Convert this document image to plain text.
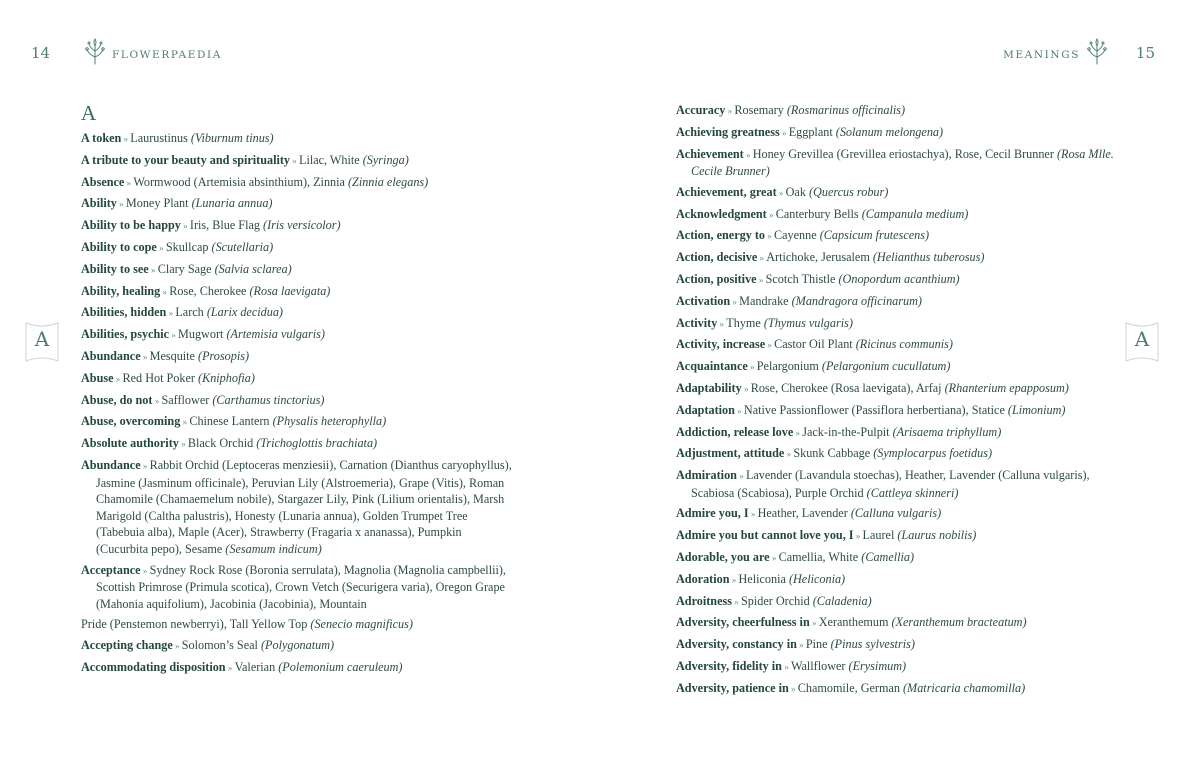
14	FLOWERPAEDIA
A
A
A token » Laurustinus (Viburnum tinus)
A tribute to your beauty and spirituality » Lilac, White (Syringa)
Absence » Wormwood (Artemisia absinthium), Zinnia (Zinnia elegans)
Ability » Money Plant (Lunaria annua)
Ability to be happy » Iris, Blue Flag (Iris versicolor)
Ability to cope » Skullcap (Scutellaria)
Ability to see » Clary Sage (Salvia sclarea)
Ability, healing » Rose, Cherokee (Rosa laevigata)
Abilities, hidden » Larch (Larix decidua)
Abilities, psychic » Mugwort (Artemisia vulgaris)
Abundance » Mesquite (Prosopis)
Abuse » Red Hot Poker (Kniphofia)
Abuse, do not » Safflower (Carthamus tinctorius)
Abuse, overcoming » Chinese Lantern (Physalis heterophylla)
Absolute authority » Black Orchid (Trichoglottis brachiata)
Abundance » Rabbit Orchid (Leptoceras menziesii), Carnation (Dianthus caryophyllus), Jasmine (Jasminum officinale), Peruvian Lily (Alstroemeria), Grape (Vitis), Roman Chamomile (Chamaemelum nobile), Stargazer Lily, Pink (Lilium orientalis), Marsh Marigold (Caltha palustris), Honesty (Lunaria annua), Golden Trumpet Tree (Tabebuia alba), Maple (Acer), Strawberry (Fragaria x ananassa), Pumpkin (Cucurbita pepo), Sesame (Sesamum indicum)
Acceptance » Sydney Rock Rose (Boronia serrulata), Magnolia (Magnolia campbellii), Scottish Primrose (Primula scotica), Crown Vetch (Securigera varia), Oregon Grape (Mahonia aquifolium), Jacobinia (Jacobinia), Mountain
Pride (Penstemon newberryi), Tall Yellow Top (Senecio magnificus)
Accepting change » Solomon’s Seal (Polygonatum)
Accommodating disposition » Valerian (Polemonium caeruleum)
MEANINGS	15
A
Accuracy » Rosemary (Rosmarinus officinalis)
Achieving greatness » Eggplant (Solanum melongena)
Achievement » Honey Grevillea (Grevillea eriostachya), Rose, Cecil Brunner (Rosa Mlle. Cecile Brunner)
Achievement, great » Oak (Quercus robur)
Acknowledgment » Canterbury Bells (Campanula medium)
Action, energy to » Cayenne (Capsicum frutescens)
Action, decisive » Artichoke, Jerusalem (Helianthus tuberosus)
Action, positive » Scotch Thistle (Onopordum acanthium)
Activation » Mandrake (Mandragora officinarum)
Activity » Thyme (Thymus vulgaris)
Activity, increase » Castor Oil Plant (Ricinus communis)
Acquaintance » Pelargonium (Pelargonium cucullatum)
Adaptability » Rose, Cherokee (Rosa laevigata), Arfaj (Rhanterium epapposum)
Adaptation » Native Passionflower (Passiflora herbertiana), Statice (Limonium)
Addiction, release love » Jack-in-the-Pulpit (Arisaema triphyllum)
Adjustment, attitude » Skunk Cabbage (Symplocarpus foetidus)
Admiration » Lavender (Lavandula stoechas), Heather, Lavender (Calluna vulgaris), Scabiosa (Scabiosa), Purple Orchid (Cattleya skinneri)
Admire you, I » Heather, Lavender (Calluna vulgaris)
Admire you but cannot love you, I » Laurel (Laurus nobilis)
Adorable, you are » Camellia, White (Camellia)
Adoration » Heliconia (Heliconia)
Adroitness » Spider Orchid (Caladenia)
Adversity, cheerfulness in » Xeranthemum (Xeranthemum bracteatum)
Adversity, constancy in » Pine (Pinus sylvestris)
Adversity, fidelity in » Wallflower (Erysimum)
Adversity, patience in » Chamomile, German (Matricaria chamomilla)
